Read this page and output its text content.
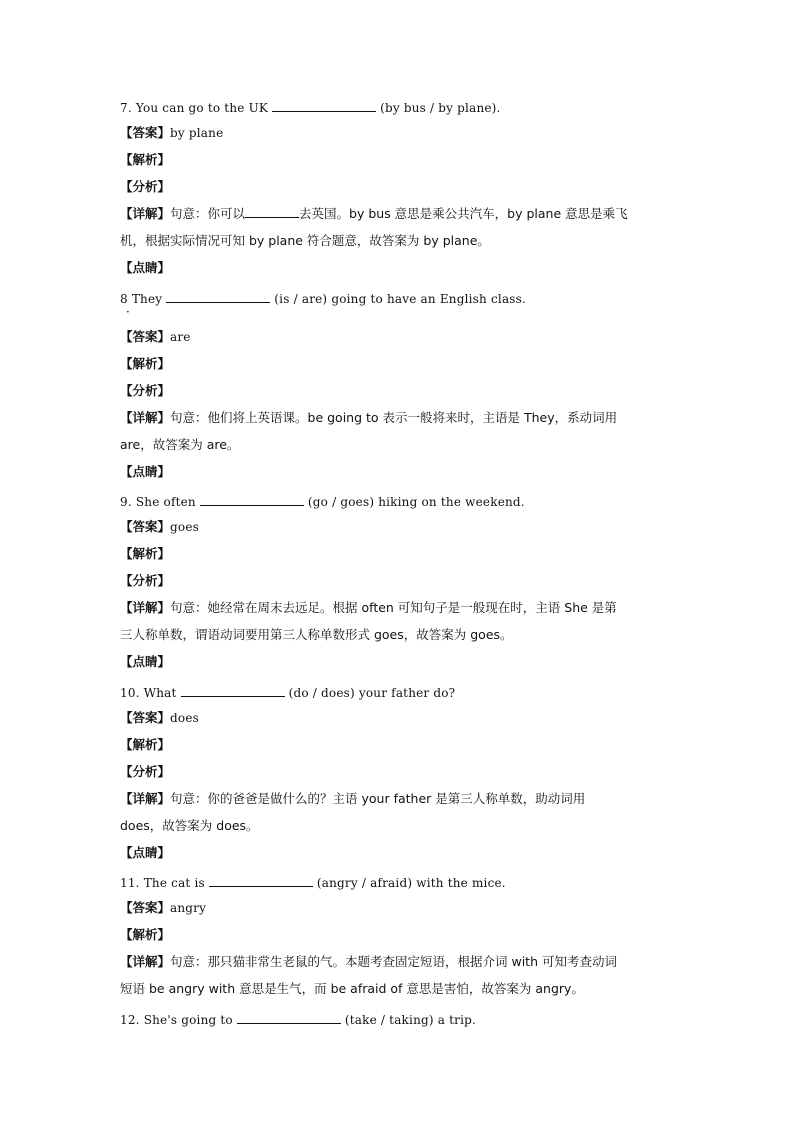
7. You can go to the UK	(by bus / by plane).
【答案】by plane
【解析】
【分析】
【详解】句意：你可以	去英国。by bus 意思是乘公共汽车，by plane 意思是乘飞
机，根据实际情况可知 by plane 符合题意，故答案为 by plane。
【点睛】
8 They	(is / are) going to have an English class.
·
【答案】are
【解析】
【分析】
【详解】句意：他们将上英语课。be going to 表示一般将来时，主语是 They，系动词用
are，故答案为 are。
【点睛】
9. She often	(go / goes) hiking on the weekend.
【答案】goes
【解析】
【分析】
【详解】句意：她经常在周末去远足。根据 often 可知句子是一般现在时，主语 She 是第
三人称单数，谓语动词要用第三人称单数形式 goes，故答案为 goes。
【点睛】
10. What	(do / does) your father do?
【答案】does
【解析】
【分析】
【详解】句意：你的爸爸是做什么的？主语 your father 是第三人称单数，助动词用
does，故答案为 does。
【点睛】
11. The cat is	(angry / afraid) with the mice.
【答案】angry
【解析】
【详解】句意：那只猫非常生老鼠的气。本题考查固定短语，根据介词 with 可知考查动词
短语 be angry with 意思是生气，而 be afraid of 意思是害怕，故答案为 angry。
12. She's going to	(take / taking) a trip.
